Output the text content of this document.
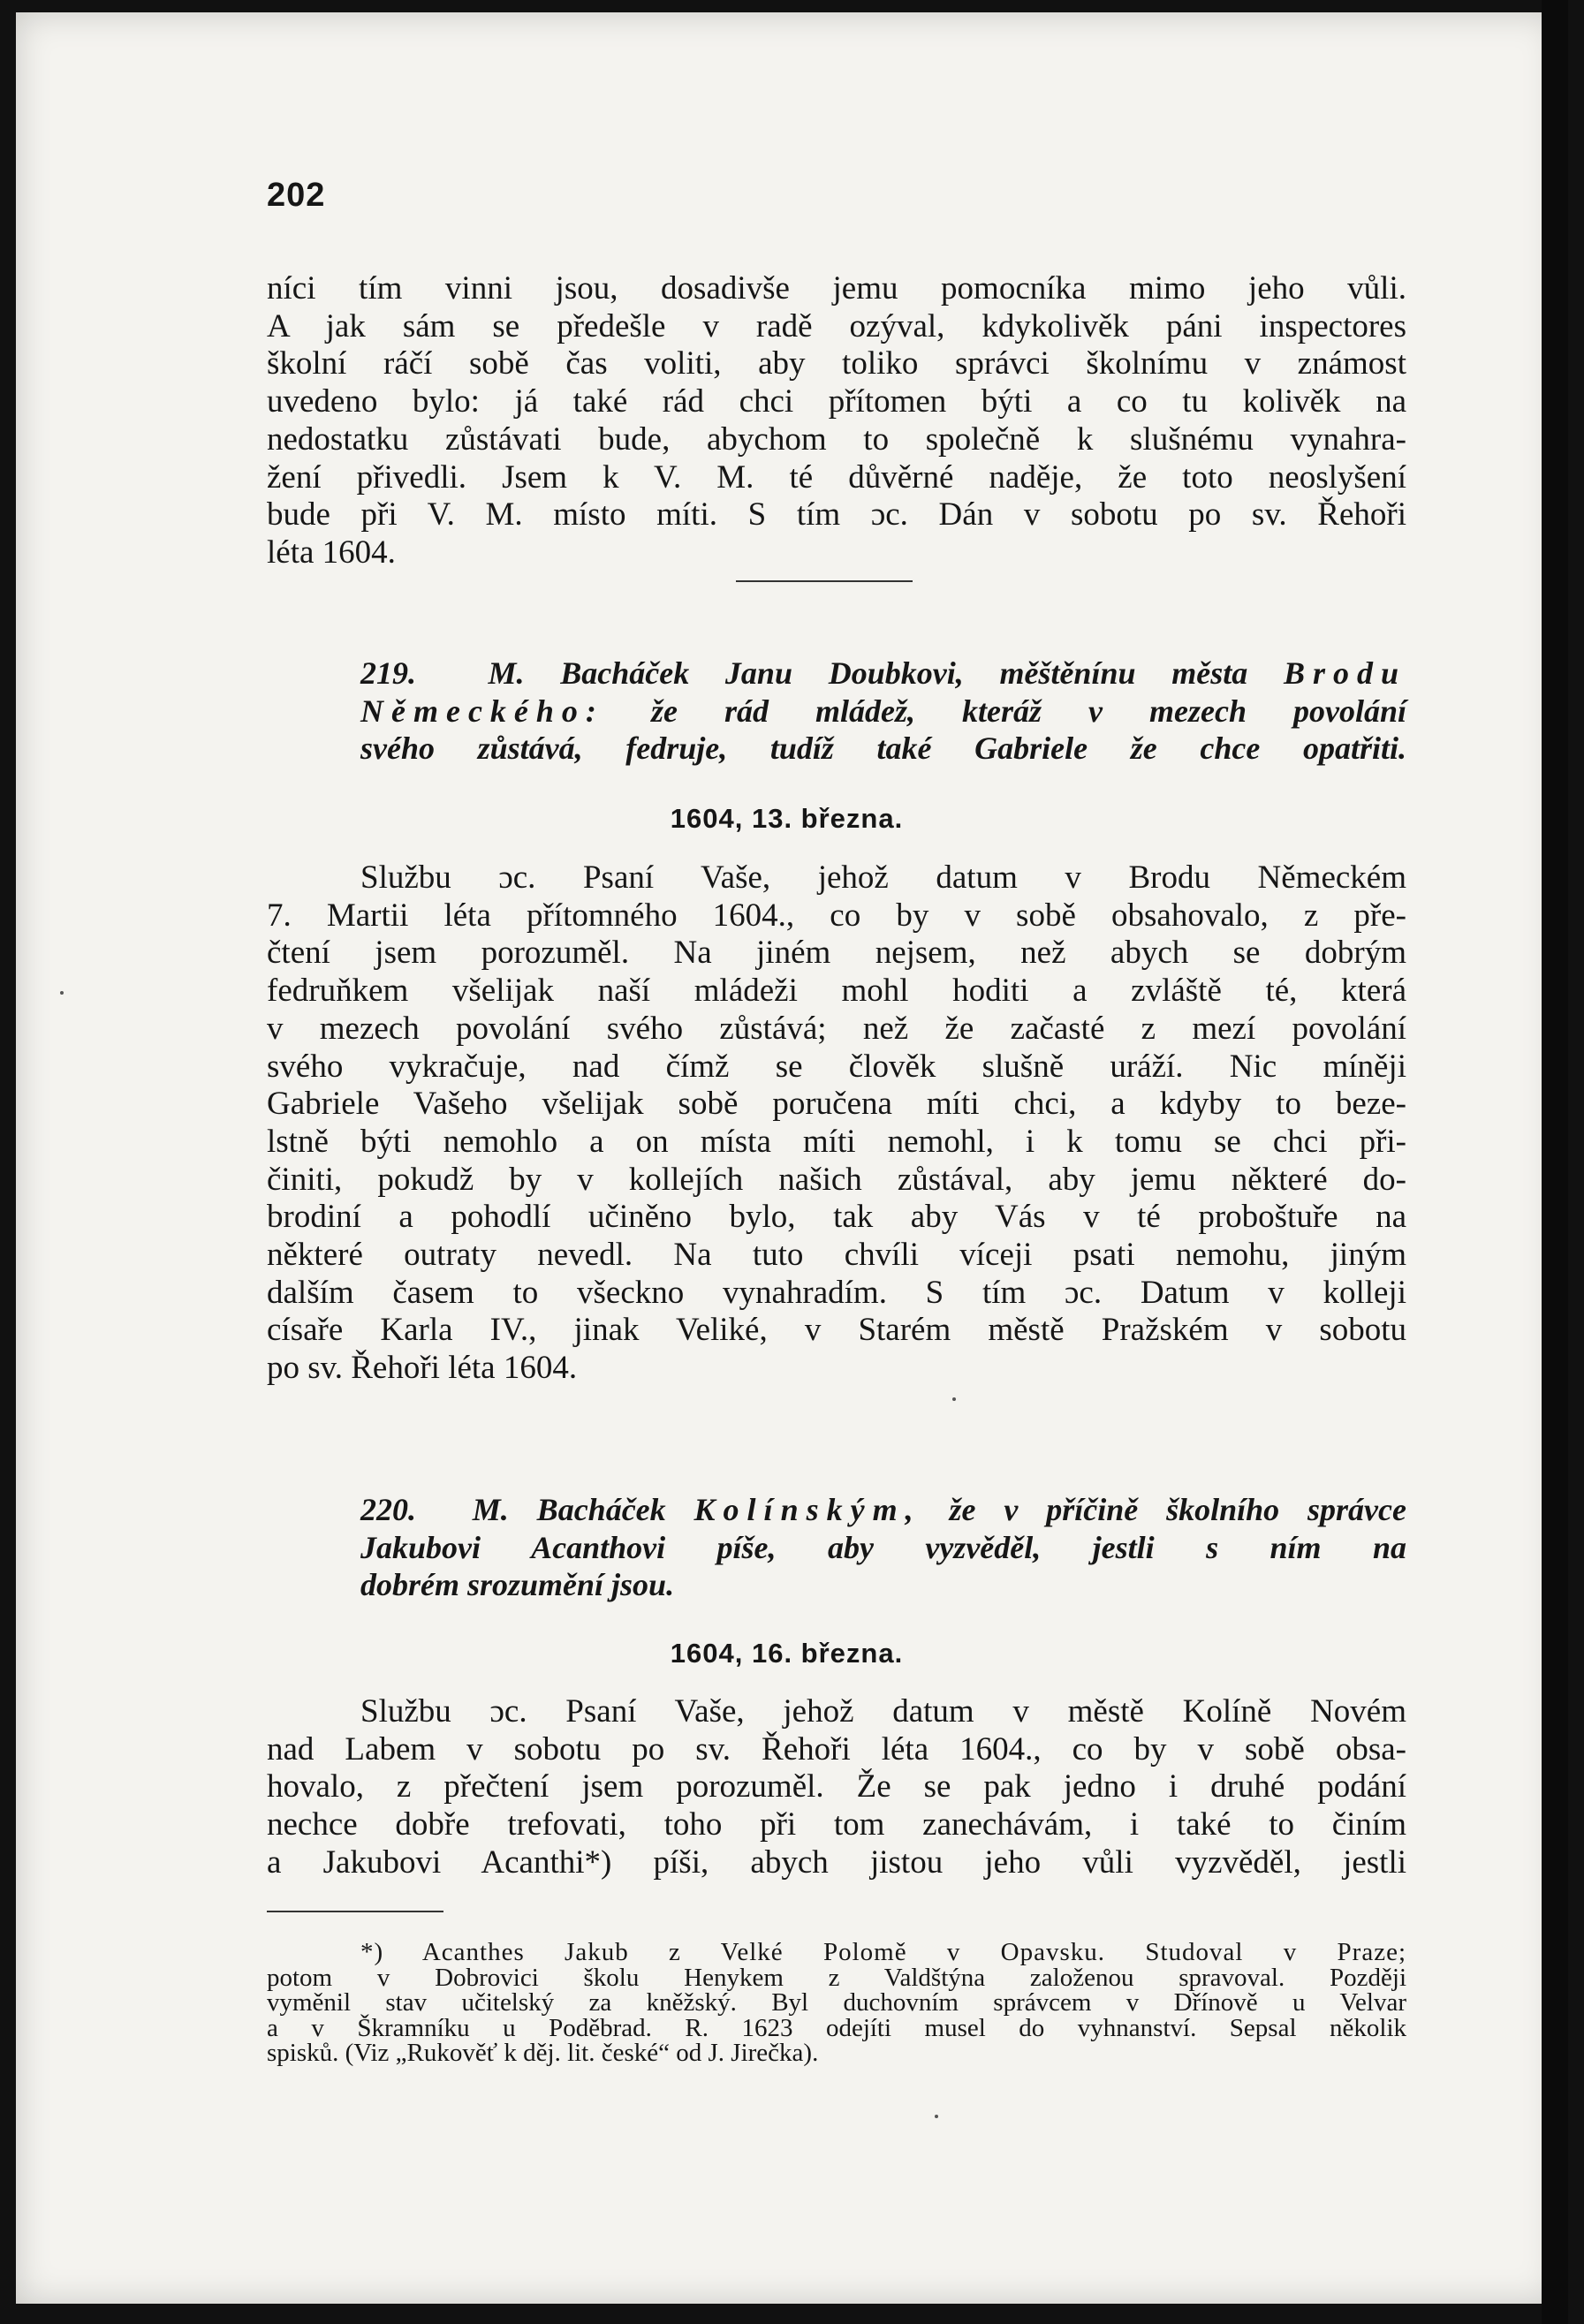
202
níci tím vinni jsou, dosadivše jemu pomocníka mimo jeho vůli.
A jak sám se předešle v radě ozýval, kdykolivěk páni inspectores
školní ráčí sobě čas voliti, aby toliko správci školnímu v známost
uvedeno bylo: já také rád chci přítomen býti a co tu kolivěk na
nedostatku zůstávati bude, abychom to společně k slušnému vynahra-
žení přivedli. Jsem k V. M. té důvěrné naděje, že toto neoslyšení
bude při V. M. místo míti. S tím ɔc. Dán v sobotu po sv. Řehoři
léta 1604.
219. M. Bacháček Janu Doubkovi, měštěnínu města Brodu
Německého: že rád mládež, kteráž v mezech povolání
svého zůstává, fedruje, tudíž také Gabriele že chce opatřiti.
1604, 13. března.
Službu ɔc. Psaní Vaše, jehož datum v Brodu Německém
7. Martii léta přítomného 1604., co by v sobě obsahovalo, z pře-
čtení jsem porozuměl. Na jiném nejsem, než abych se dobrým
fedruňkem všelijak naší mládeži mohl hoditi a zvláště té, která
v mezech povolání svého zůstává; než že začasté z mezí povolání
svého vykračuje, nad čímž se člověk slušně uráží. Nic míněji
Gabriele Vašeho všelijak sobě poručena míti chci, a kdyby to beze-
lstně býti nemohlo a on místa míti nemohl, i k tomu se chci při-
činiti, pokudž by v kollejích našich zůstával, aby jemu některé do-
brodiní a pohodlí učiněno bylo, tak aby Vás v té proboštuře na
některé outraty nevedl. Na tuto chvíli víceji psati nemohu, jiným
dalším časem to všeckno vynahradím. S tím ɔc. Datum v kolleji
císaře Karla IV., jinak Veliké, v Starém městě Pražském v sobotu
po sv. Řehoři léta 1604.
220. M. Bacháček Kolínským, že v příčině školního správce
Jakubovi Acanthovi píše, aby vyzvěděl, jestli s ním na
dobrém srozumění jsou.
1604, 16. března.
Službu ɔc. Psaní Vaše, jehož datum v městě Kolíně Novém
nad Labem v sobotu po sv. Řehoři léta 1604., co by v sobě obsa-
hovalo, z přečtení jsem porozuměl. Že se pak jedno i druhé podání
nechce dobře trefovati, toho při tom zanechávám, i také to činím
a Jakubovi Acanthi*) píši, abych jistou jeho vůli vyzvěděl, jestli
*) Acanthes Jakub z Velké Polomě v Opavsku. Studoval v Praze;
potom v Dobrovici školu Henykem z Valdštýna založenou spravoval. Později
vyměnil stav učitelský za kněžský. Byl duchovním správcem v Dřínově u Velvar
a v Škramníku u Poděbrad. R. 1623 odejíti musel do vyhnanství. Sepsal několik
spisků. (Viz „Rukověť k děj. lit. české“ od J. Jirečka).
